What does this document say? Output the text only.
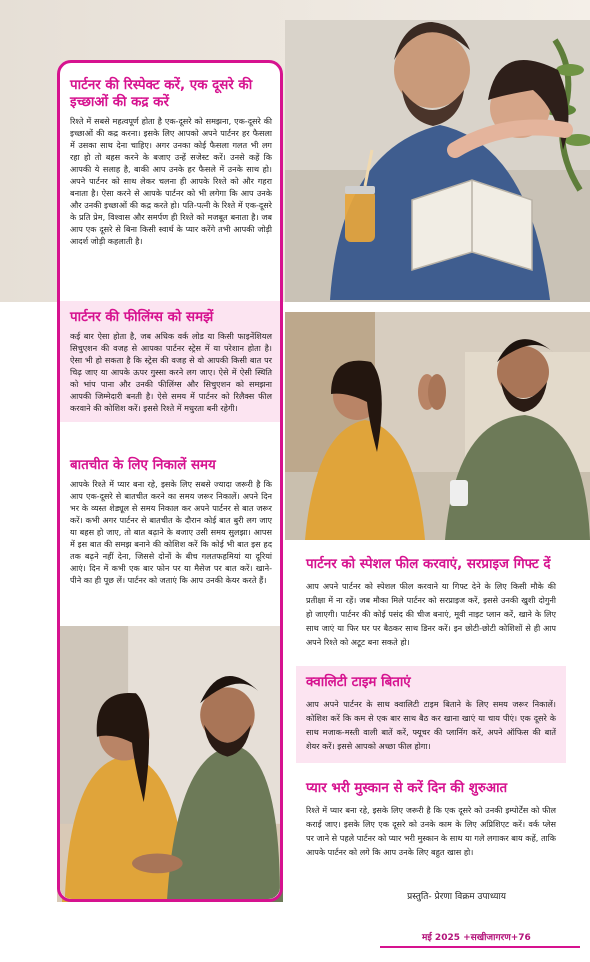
पार्टनर की रिस्पेक्ट करें, एक दूसरे की इच्छाओं की कद्र करें

रिश्ते में सबसे महत्वपूर्ण होता है एक-दूसरे को समझना, एक-दूसरे की इच्छाओं की कद्र करना। इसके लिए आपको अपने पार्टनर हर फैसला में उसका साथ देना चाहिए। अगर उनका कोई फैसला गलत भी लग रहा हो तो बहस करने के बजाए उन्हें सजेस्ट करें। उनसे कहें कि आपकी ये सलाह है, बाकी आप उनके हर फैसले में उनके साथ हो। अपने पार्टनर को साथ लेकर चलना ही आपके रिश्ते को और गहरा बनाता है। ऐसा करने से आपके पार्टनर को भी लगेगा कि आप उनके और उनकी इच्छाओं की कद्र करते हो। पति-पत्नी के रिश्ते में एक-दूसरे के प्रति प्रेम, विश्वास और समर्पण ही रिश्ते को मजबूत बनाता है। जब आप एक दूसरे से बिना किसी स्वार्थ के प्यार करेंगे तभी आपकी जोड़ी आदर्श जोड़ी कहलाती है।

पार्टनर की फीलिंग्स को समझें

कई बार ऐसा होता है, जब अधिक वर्क लोड या किसी फाइनेंशियल सिचुएशन की वजह से आपका पार्टनर स्ट्रेस में या परेशान होता है। ऐसा भी हो सकता है कि स्ट्रेस की वजह से वो आपकी किसी बात पर चिढ़ जाए या आपके ऊपर गुस्सा करने लग जाए। ऐसे में ऐसी स्थिति को भांप पाना और उनकी फीलिंग्स और सिचुएशन को समझना आपकी जिम्मेदारी बनती है। ऐसे समय में पार्टनर को रिलैक्स फील करवाने की कोशिश करें। इससे रिश्ते में मधुरता बनी रहेगी।

बातचीत के लिए निकालें समय

आपके रिश्ते में प्यार बना रहे, इसके लिए सबसे ज्यादा जरूरी है कि आप एक-दूसरे से बातचीत करने का समय जरूर निकालें। अपने दिन भर के व्यस्त शेड्यूल से समय निकाल कर अपने पार्टनर से बात जरूर करें। कभी अगर पार्टनर से बातचीत के दौरान कोई बात बुरी लग जाए या बहस हो जाए, तो बात बढ़ाने के बजाए उसी समय सुलझा। आपस में इस बात की समझ बनाने की कोशिश करें कि कोई भी बात इस हद तक बढ़ने नहीं देना, जिससे दोनों के बीच गलतफहमियां या दूरियां आएं। दिन में कभी एक बार फोन पर या मैसेज पर बात करें। खाने-पीने का ही पूछ लें। पार्टनर को जताएं कि आप उनकी केयर करते हैं।

पार्टनर को स्पेशल फील करवाएं, सरप्राइज गिफ्ट दें

आप अपने पार्टनर को स्पेशल फील करवाने या गिफ्ट देने के लिए किसी मौके की प्रतीक्षा में ना रहें। जब मौका मिले पार्टनर को सरप्राइज करें, इससे उनकी खुशी दोगुनी हो जाएगी। पार्टनर की कोई पसंद की चीज बनाएं, मूवी नाइट प्लान करें, खाने के लिए साथ जाएं या फिर घर पर बैठकर साथ डिनर करें। इन छोटी-छोटी कोशिशों से ही आप अपने रिश्ते को अटूट बना सकते हो।

क्वालिटी टाइम बिताएं

आप अपने पार्टनर के साथ क्वालिटी टाइम बिताने के लिए समय जरूर निकालें। कोशिश करें कि कम से एक बार साथ बैठ कर खाना खाएं या चाय पीएं। एक दूसरे के साथ मजाक-मस्ती वाली बातें करें, फ्यूचर की प्लानिंग करें, अपने ऑफिस की बातें शेयर करें। इससे आपको अच्छा फील होगा।

प्यार भरी मुस्कान से करें दिन की शुरुआत

रिश्ते में प्यार बना रहे, इसके लिए जरूरी है कि एक दूसरे को उनकी इम्पोर्टेंस को फील कराई जाए। इसके लिए एक दूसरे को उनके काम के लिए अप्रिशिएट करें। वर्क प्लेस पर जाने से पहले पार्टनर को प्यार भरी मुस्कान के साथ या गले लगाकर बाय कहें, ताकि आपके पार्टनर को लगे कि आप उनके लिए बहुत खास हो।

प्रस्तुति- प्रेरणा विक्रम उपाध्याय
मई 2025 +सखीजागरण+76
